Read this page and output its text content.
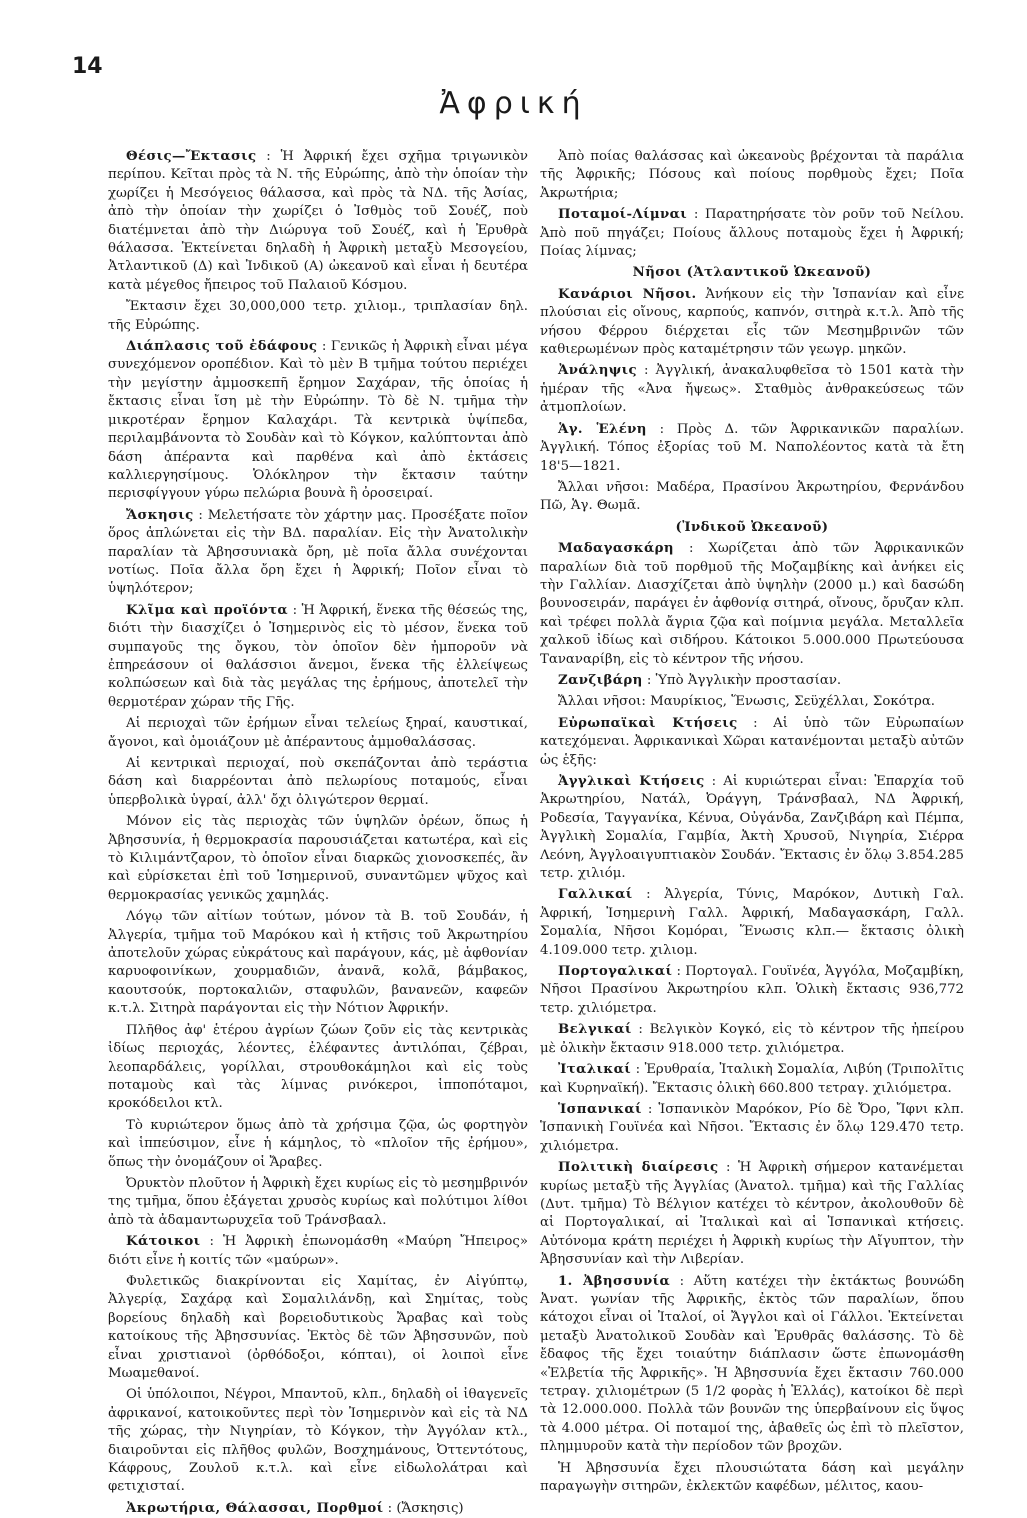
14
Ἀφρική

Θέσις—Ἔκτασις : Ἡ Ἀφρική ἔχει σχῆμα τριγωνικὸν περίπου. Κεῖται πρὸς τὰ Ν. τῆς Εὐρώπης, ἀπὸ τὴν ὁποίαν τὴν χωρίζει ἡ Μεσόγειος θάλασσα, καὶ πρὸς τὰ ΝΔ. τῆς Ἀσίας, ἀπὸ τὴν ὁποίαν τὴν χωρίζει ὁ Ἰσθμὸς τοῦ Σουέζ, ποὺ διατέμνεται ἀπὸ τὴν Διώρυγα τοῦ Σουέζ, καὶ ἡ Ἐρυθρὰ θάλασσα. Ἐκτείνεται δηλαδὴ ἡ Ἀφρικὴ μεταξὺ Μεσογείου, Ἀτλαντικοῦ (Δ) καὶ Ἰνδικοῦ (Α) ὠκεανοῦ καὶ εἶναι ἡ δευτέρα κατὰ μέγεθος ἤπειρος τοῦ Παλαιοῦ Κόσμου.

Ἔκτασιν ἔχει 30,000,000 τετρ. χιλιομ., τριπλασίαν δηλ. τῆς Εὐρώπης.

Διάπλασις τοῦ ἐδάφους : Γενικῶς ἡ Ἀφρικὴ εἶναι μέγα συνεχόμενον οροπέδιον. Καὶ τὸ μὲν Β τμῆμα τούτου περιέχει τὴν μεγίστην ἀμμοσκεπῆ ἔρημον Σαχάραν, τῆς ὁποίας ἡ ἔκτασις εἶναι ἴση μὲ τὴν Εὐρώπην. Τὸ δὲ Ν. τμῆμα τὴν μικροτέραν ἔρημον Καλαχάρι. Τὰ κεντρικὰ ὑψίπεδα, περιλαμβάνοντα τὸ Σουδὰν καὶ τὸ Κόγκον, καλύπτονται ἀπὸ δάση ἀπέραντα καὶ παρθένα καὶ ἀπὸ ἐκτάσεις καλλιεργησίμους. Ὁλόκληρον τὴν ἔκτασιν ταύτην περισφίγγουν γύρω πελώρια βουνὰ ἢ ὀροσειραί.

Ἄσκησις : Μελετήσατε τὸν χάρτην μας. Προσέξατε ποῖον ὅρος ἁπλώνεται εἰς τὴν ΒΔ. παραλίαν. Εἰς τὴν Ἀνατολικὴν παραλίαν τὰ Ἀβησσυνιακὰ ὄρη, μὲ ποῖα ἄλλα συνέχονται νοτίως. Ποῖα ἄλλα ὄρη ἔχει ἡ Ἀφρική; Ποῖον εἶναι τὸ ὑψηλότερον;

Κλῖμα καὶ προϊόντα : Ἡ Ἀφρική, ἕνεκα τῆς θέσεώς της, διότι τὴν διασχίζει ὁ Ἰσημερινὸς εἰς τὸ μέσον, ἕνεκα τοῦ συμπαγοῦς της ὄγκου, τὸν ὁποῖον δὲν ἠμποροῦν νὰ ἐπηρεάσουν οἱ θαλάσσιοι ἄνεμοι, ἕνεκα τῆς ἐλλείψεως κολπώσεων καὶ διὰ τὰς μεγάλας της ἐρήμους, ἀποτελεῖ τὴν θερμοτέραν χώραν τῆς Γῆς.

Αἱ περιοχαὶ τῶν ἐρήμων εἶναι τελείως ξηραί, καυστικαί, ἄγονοι, καὶ ὁμοιάζουν μὲ ἀπέραντους ἀμμοθαλάσσας.

Αἱ κεντρικαὶ περιοχαί, ποὺ σκεπάζονται ἀπὸ τεράστια δάση καὶ διαρρέονται ἀπὸ πελωρίους ποταμούς, εἶναι ὑπερβολικὰ ὑγραί, ἀλλ' ὄχι ὀλιγώτερον θερμαί.

Μόνον εἰς τὰς περιοχὰς τῶν ὑψηλῶν ὀρέων, ὅπως ἡ Ἀβησσυνία, ἡ θερμοκρασία παρουσιάζεται κατωτέρα, καὶ εἰς τὸ Κιλιμάντζαρον, τὸ ὁποῖον εἶναι διαρκῶς χιονοσκεπές, ἂν καὶ εὑρίσκεται ἐπὶ τοῦ Ἰσημερινοῦ, συναντῶμεν ψῦχος καὶ θερμοκρασίας γενικῶς χαμηλάς.

Λόγῳ τῶν αἰτίων τούτων, μόνον τὰ Β. τοῦ Σουδάν, ἡ Ἀλγερία, τμῆμα τοῦ Μαρόκου καὶ ἡ κτῆσις τοῦ Ἀκρωτηρίου ἀποτελοῦν χώρας εὐκράτους καὶ παράγουν, κάς, μὲ ἀφθονίαν καρυοφοινίκων, χουρμαδιῶν, ἀνανᾶ, κολᾶ, βάμβακος, καουτσούκ, πορτοκαλιῶν, σταφυλῶν, βανανεῶν, καφεῶν κ.τ.λ. Σιτηρὰ παράγονται εἰς τὴν Νότιον Ἀφρικήν.

Πλῆθος ἀφ' ἑτέρου ἀγρίων ζώων ζοῦν εἰς τὰς κεντρικὰς ἰδίως περιοχάς, λέοντες, ἐλέφαντες ἀντιλόπαι, ζέβραι, λεοπαρδάλεις, γορίλλαι, στρουθοκάμηλοι καὶ εἰς τοὺς ποταμοὺς καὶ τὰς λίμνας ρινόκεροι, ἱπποπόταμοι, κροκόδειλοι κτλ.

Τὸ κυριώτερον ὅμως ἀπὸ τὰ χρήσιμα ζῷα, ὡς φορτηγὸν καὶ ἱππεύσιμον, εἶνε ἡ κάμηλος, τὸ «πλοῖον τῆς ἐρήμου», ὅπως τὴν ὀνομάζουν οἱ Ἄραβες.

Ὀρυκτὸν πλοῦτον ἡ Ἀφρικὴ ἔχει κυρίως εἰς τὸ μεσημβρινόν της τμῆμα, ὅπου ἐξάγεται χρυσὸς κυρίως καὶ πολύτιμοι λίθοι ἀπὸ τὰ ἀδαμαντωρυχεῖα τοῦ Τράνσβααλ.

Κάτοικοι : Ἡ Ἀφρικὴ ἐπωνομάσθη «Μαύρη Ἤπειρος» διότι εἶνε ἡ κοιτίς τῶν «μαύρων».

Φυλετικῶς διακρίνονται εἰς Χαμίτας, ἐν Αἰγύπτῳ, Ἀλγερίᾳ, Σαχάρᾳ καὶ Σομαλιλάνδῃ, καὶ Σημίτας, τοὺς βορείους δηλαδὴ καὶ βορειοδυτικοὺς Ἄραβας καὶ τοὺς κατοίκους τῆς Ἀβησσυνίας. Ἐκτὸς δὲ τῶν Ἀβησσυνῶν, ποὺ εἶναι χριστιανοὶ (ὀρθόδοξοι, κόπται), οἱ λοιποὶ εἶνε Μωαμεθανοί.

Οἱ ὑπόλοιποι, Νέγροι, Μπαντοῦ, κλπ., δηλαδὴ οἱ ἰθαγενεῖς ἀφρικανοί, κατοικοῦντες περὶ τὸν Ἰσημερινὸν καὶ εἰς τὰ ΝΔ τῆς χώρας, τὴν Νιγηρίαν, τὸ Κόγκον, τὴν Ἀγγόλαν κτλ., διαιροῦνται εἰς πλῆθος φυλῶν, Βοσχημάνους, Ὀττεντότους, Κάφρους, Ζουλοῦ κ.τ.λ. καὶ εἶνε εἰδωλολάτραι καὶ φετιχισταί.

Ἀκρωτήρια, Θάλασσαι, Πορθμοί : (Ἄσκησις)

Ἀπὸ ποίας θαλάσσας καὶ ὠκεανοὺς βρέχονται τὰ παράλια τῆς Ἀφρικῆς; Πόσους καὶ ποίους πορθμοὺς ἔχει; Ποῖα Ἀκρωτήρια;

Ποταμοί-Λίμναι : Παρατηρήσατε τὸν ροῦν τοῦ Νείλου. Ἀπὸ ποῦ πηγάζει; Ποίους ἄλλους ποταμοὺς ἔχει ἡ Ἀφρική; Ποίας λίμνας;

Νῆσοι (Ἀτλαντικοῦ Ὠκεανοῦ)

Κανάριοι Νῆσοι. Ἀνήκουν εἰς τὴν Ἱσπανίαν καὶ εἶνε πλούσιαι εἰς οἴνους, καρπούς, καπνόν, σιτηρὰ κ.τ.λ. Ἀπὸ τῆς νήσου Φέρρου διέρχεται εἷς τῶν Μεσημβρινῶν τῶν καθιερωμένων πρὸς καταμέτρησιν τῶν γεωγρ. μηκῶν.

Ἀνάληψις : Ἀγγλική, ἀνακαλυφθεῖσα τὸ 1501 κατὰ τὴν ἡμέραν τῆς «Ἀνα ἤψεως». Σταθμὸς ἀνθρακεύσεως τῶν ἀτμοπλοίων.

Ἁγ. Ἑλένη : Πρὸς Δ. τῶν Ἀφρικανικῶν παραλίων. Ἀγγλική. Τόπος ἐξορίας τοῦ Μ. Ναπολέοντος κατὰ τὰ ἔτη 18'5—1821.

Ἄλλαι νῆσοι: Μαδέρα, Πρασίνου Ἀκρωτηρίου, Φερνάνδου Πῶ, Ἁγ. Θωμᾶ.

(Ἰνδικοῦ Ὠκεανοῦ)

Μαδαγασκάρη : Χωρίζεται ἀπὸ τῶν Ἀφρικανικῶν παραλίων διὰ τοῦ πορθμοῦ τῆς Μοζαμβίκης καὶ ἀνήκει εἰς τὴν Γαλλίαν. Διασχίζεται ἀπὸ ὑψηλὴν (2000 μ.) καὶ δασώδη βουνοσειράν, παράγει ἐν ἀφθονίᾳ σιτηρά, οἴνους, ὄρυζαν κλπ. καὶ τρέφει πολλὰ ἄγρια ζῷα καὶ ποίμνια μεγάλα. Μεταλλεῖα χαλκοῦ ἰδίως καὶ σιδήρου. Κάτοικοι 5.000.000 Πρωτεύουσα Ταναναρίβη, εἰς τὸ κέντρον τῆς νήσου.

Ζανζιβάρη : Ὑπὸ Ἀγγλικὴν προστασίαν.

Ἄλλαι νῆσοι: Μαυρίκιος, Ἕνωσις, Σεϋχέλλαι, Σοκότρα.

Εὐρωπαϊκαὶ Κτήσεις : Αἱ ὑπὸ τῶν Εὐρωπαίων κατεχόμεναι. Ἀφρικανικαὶ Χῶραι κατανέμονται μεταξὺ αὐτῶν ὡς ἑξῆς:

Ἀγγλικαὶ Κτήσεις : Αἱ κυριώτεραι εἶναι: Ἐπαρχία τοῦ Ἀκρωτηρίου, Νατάλ, Ὀράγγη, Τράνσβααλ, ΝΔ Ἀφρική, Ροδεσία, Ταγγανίκα, Κένυα, Οὐγάνδα, Ζανζιβάρη καὶ Πέμπα, Ἀγγλικὴ Σομαλία, Γαμβία, Ἀκτὴ Χρυσοῦ, Νιγηρία, Σιέρρα Λεόνη, Ἀγγλοαιγυπτιακὸν Σουδάν. Ἔκτασις ἐν ὅλῳ 3.854.285 τετρ. χιλιόμ.

Γαλλικαί : Ἀλγερία, Τύνις, Μαρόκον, Δυτικὴ Γαλ. Ἀφρική, Ἰσημερινὴ Γαλλ. Ἀφρική, Μαδαγασκάρη, Γαλλ. Σομαλία, Νῆσοι Κομόραι, Ἕνωσις κλπ.— ἔκτασις ὀλικὴ 4.109.000 τετρ. χιλιομ.

Πορτογαλικαί : Πορτογαλ. Γουϊνέα, Ἀγγόλα, Μοζαμβίκη, Νῆσοι Πρασίνου Ἀκρωτηρίου κλπ. Ὁλικὴ ἔκτασις 936,772 τετρ. χιλιόμετρα.

Βελγικαί : Βελγικὸν Κογκό, εἰς τὸ κέντρον τῆς ἠπείρου μὲ ὀλικὴν ἔκτασιν 918.000 τετρ. χιλιόμετρα.

Ἰταλικαί : Ἐρυθραία, Ἰταλικὴ Σομαλία, Λιβύη (Τριπολῖτις καὶ Κυρηναϊκή). Ἔκτασις ὀλικὴ 660.800 τετραγ. χιλιόμετρα.

Ἱσπανικαί : Ἱσπανικὸν Μαρόκον, Ρίο δὲ Ὄρο, Ἴφνι κλπ. Ἱσπανικὴ Γουϊνέα καὶ Νῆσοι. Ἔκτασις ἐν ὅλῳ 129.470 τετρ. χιλιόμετρα.

Πολιτικὴ διαίρεσις : Ἡ Ἀφρικὴ σήμερον κατανέμεται κυρίως μεταξὺ τῆς Ἀγγλίας (Ἀνατολ. τμῆμα) καὶ τῆς Γαλλίας (Δυτ. τμῆμα) Τὸ Βέλγιον κατέχει τὸ κέντρον, ἀκολουθοῦν δὲ αἱ Πορτογαλικαί, αἱ Ἰταλικαὶ καὶ αἱ Ἱσπανικαὶ κτήσεις. Αὐτόνομα κράτη περιέχει ἡ Ἀφρικὴ κυρίως τὴν Αἴγυπτον, τὴν Ἀβησσυνίαν καὶ τὴν Λιβερίαν.

1. Ἀβησσυνία : Αὕτη κατέχει τὴν ἐκτάκτως βουνώδη Ἀνατ. γωνίαν τῆς Ἀφρικῆς, ἐκτὸς τῶν παραλίων, ὅπου κάτοχοι εἶναι οἱ Ἰταλοί, οἱ Ἄγγλοι καὶ οἱ Γάλλοι. Ἐκτείνεται μεταξὺ Ἀνατολικοῦ Σουδὰν καὶ Ἐρυθρᾶς θαλάσσης. Τὸ δὲ ἔδαφος τῆς ἔχει τοιαύτην διάπλασιν ὥστε ἐπωνομάσθη «Ἐλβετία τῆς Ἀφρικῆς». Ἡ Ἀβησσυνία ἔχει ἔκτασιν 760.000 τετραγ. χιλιομέτρων (5 1/2 φορὰς ἡ Ἑλλάς), κατοίκοι δὲ περὶ τὰ 12.000.000. Πολλὰ τῶν βουνῶν της ὑπερβαίνουν εἰς ὕψος τὰ 4.000 μέτρα. Οἱ ποταμοί της, ἀβαθεῖς ὡς ἐπὶ τὸ πλεῖστον, πλημμυροῦν κατὰ τὴν περίοδον τῶν βροχῶν.

Ἡ Ἀβησσυνία ἔχει πλουσιώτατα δάση καὶ μεγάλην παραγωγὴν σιτηρῶν, ἐκλεκτῶν καφέδων, μέλιτος, καου-
